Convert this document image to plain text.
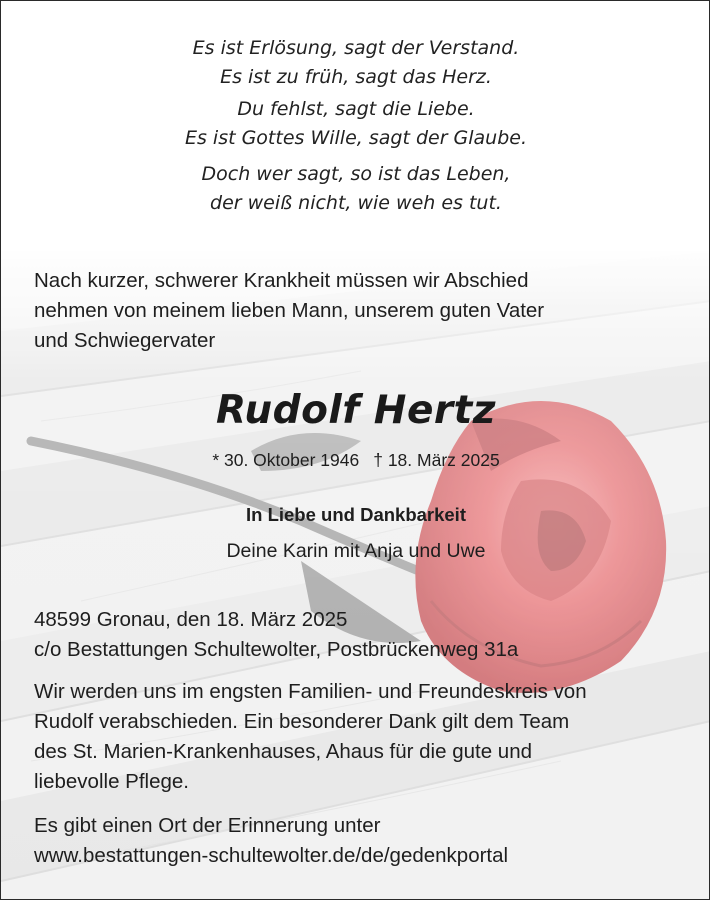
Es ist Erlösung, sagt der Verstand.
Es ist zu früh, sagt das Herz.
Du fehlst, sagt die Liebe.
Es ist Gottes Wille, sagt der Glaube.
Doch wer sagt, so ist das Leben,
der weiß nicht, wie weh es tut.
Nach kurzer, schwerer Krankheit müssen wir Abschied
nehmen von meinem lieben Mann, unserem guten Vater
und Schwiegervater
Rudolf Hertz
* 30. Oktober 1946 † 18. März 2025
In Liebe und Dankbarkeit
Deine Karin mit Anja und Uwe
48599 Gronau, den 18. März 2025
c/o Bestattungen Schultewolter, Postbrückenweg 31a
Wir werden uns im engsten Familien- und Freundeskreis von
Rudolf verabschieden. Ein besonderer Dank gilt dem Team
des St. Marien-Krankenhauses, Ahaus für die gute und
liebevolle Pflege.
Es gibt einen Ort der Erinnerung unter
www.bestattungen-schultewolter.de/de/gedenkportal
